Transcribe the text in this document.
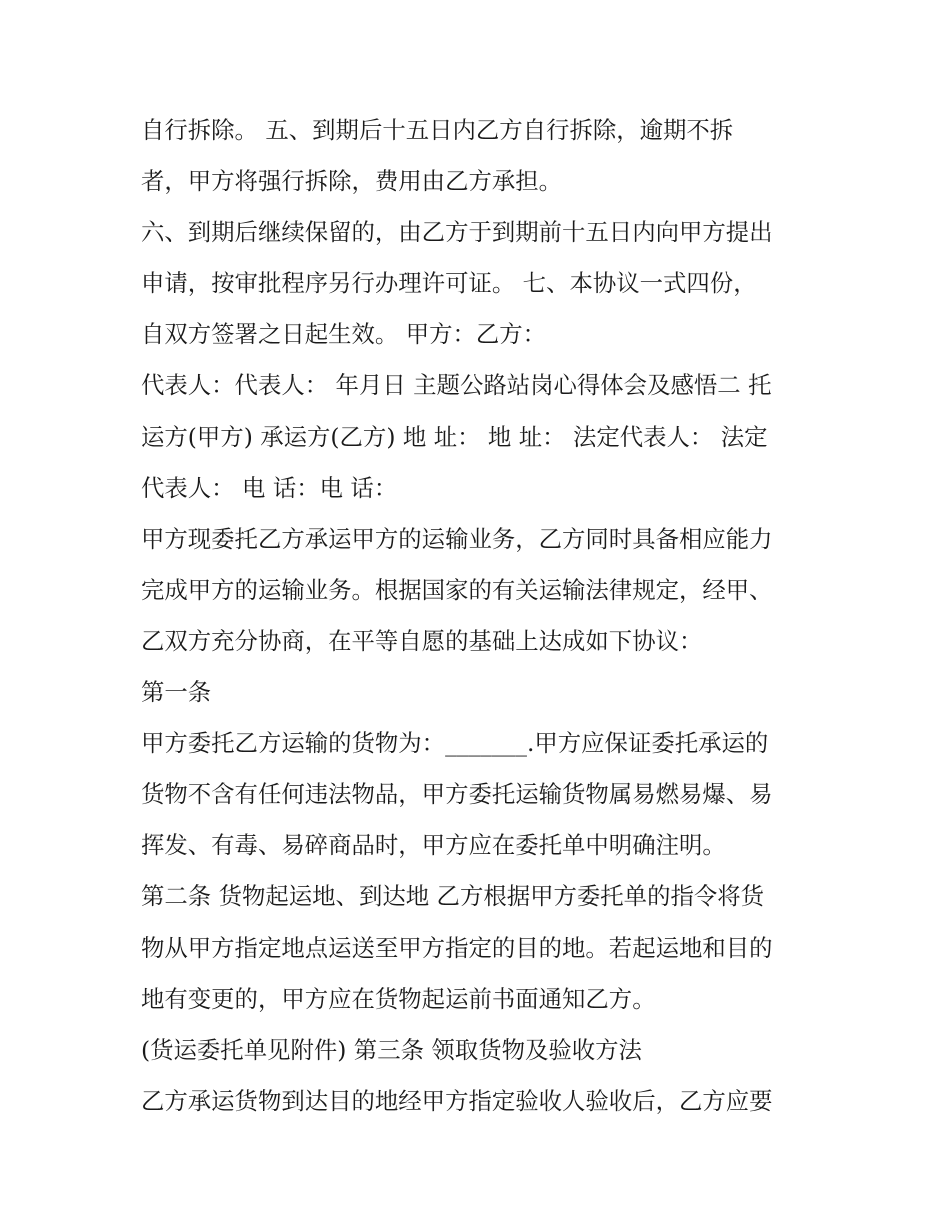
自行拆除。 五、到期后十五日内乙方自行拆除，逾期不拆
者，甲方将强行拆除，费用由乙方承担。
六、到期后继续保留的，由乙方于到期前十五日内向甲方提出
申请，按审批程序另行办理许可证。 七、本协议一式四份，
自双方签署之日起生效。 甲方：乙方：
代表人：代表人： 年月日 主题公路站岗心得体会及感悟二 托
运方(甲方) 承运方(乙方) 地 址： 地 址： 法定代表人： 法定
代表人： 电 话：电 话：
甲方现委托乙方承运甲方的运输业务，乙方同时具备相应能力
完成甲方的运输业务。根据国家的有关运输法律规定，经甲、
乙双方充分协商，在平等自愿的基础上达成如下协议：
第一条
甲方委托乙方运输的货物为：_______.甲方应保证委托承运的
货物不含有任何违法物品，甲方委托运输货物属易燃易爆、易
挥发、有毒、易碎商品时，甲方应在委托单中明确注明。
第二条 货物起运地、到达地 乙方根据甲方委托单的指令将货
物从甲方指定地点运送至甲方指定的目的地。若起运地和目的
地有变更的，甲方应在货物起运前书面通知乙方。
(货运委托单见附件) 第三条 领取货物及验收方法
乙方承运货物到达目的地经甲方指定验收人验收后，乙方应要
